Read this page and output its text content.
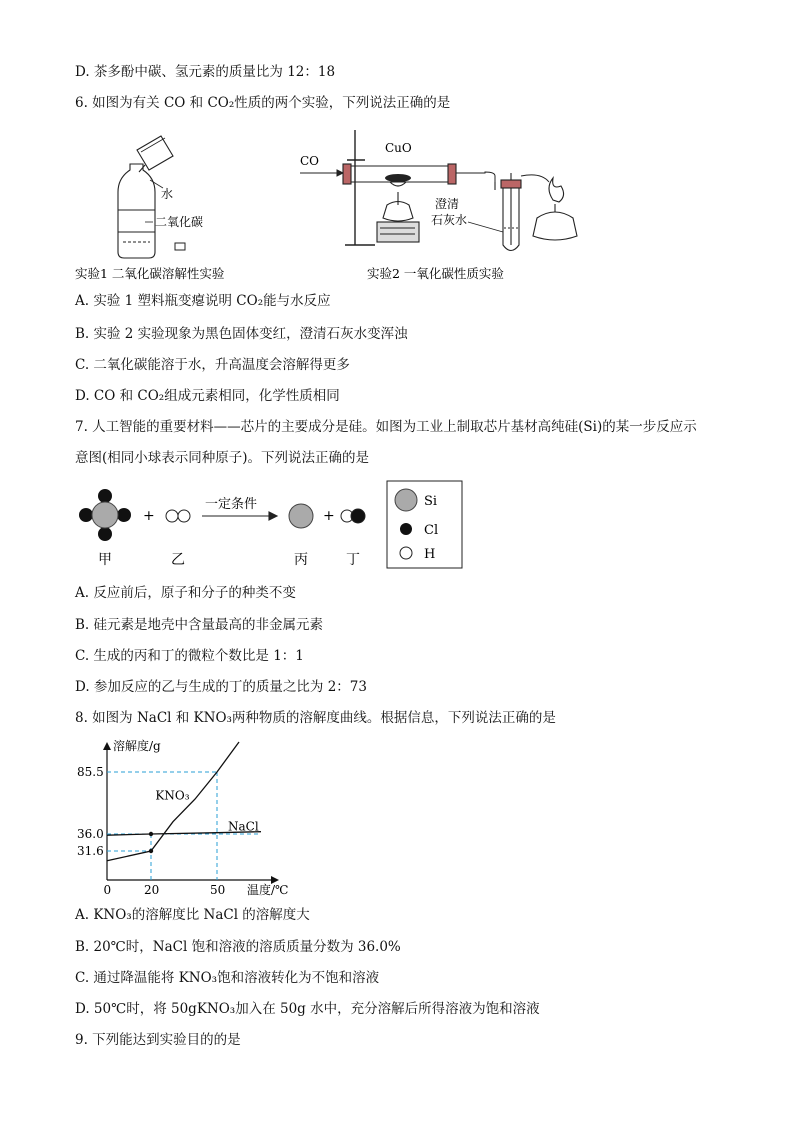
D. 茶多酚中碳、氢元素的质量比为 12：18
6. 如图为有关 CO 和 CO₂性质的两个实验，下列说法正确的是
水
二氧化碳
CO
CuO
澄清
石灰水
实验1 二氧化碳溶解性实验	实验2 一氧化碳性质实验
A. 实验 1 塑料瓶变瘪说明 CO₂能与水反应
B. 实验 2 实验现象为黑色固体变红，澄清石灰水变浑浊
C. 二氧化碳能溶于水，升高温度会溶解得更多
D. CO 和 CO₂组成元素相同，化学性质相同
7. 人工智能的重要材料——芯片的主要成分是硅。如图为工业上制取芯片基材高纯硅(Si)的某一步反应示
意图(相同小球表示同种原子)。下列说法正确的是
+
一定条件
+
甲	乙	丙	丁
Si
Cl
H
A. 反应前后，原子和分子的种类不变
B. 硅元素是地壳中含量最高的非金属元素
C. 生成的丙和丁的微粒个数比是 1：1
D. 参加反应的乙与生成的丁的质量之比为 2：73
8. 如图为 NaCl 和 KNO₃两种物质的溶解度曲线。根据信息，下列说法正确的是
溶解度/g
温度/℃
85.5
36.0
31.6
0	20	50
KNO₃
NaCl
A. KNO₃的溶解度比 NaCl 的溶解度大
B. 20℃时，NaCl 饱和溶液的溶质质量分数为 36.0%
C. 通过降温能将 KNO₃饱和溶液转化为不饱和溶液
D. 50℃时，将 50gKNO₃加入在 50g 水中，充分溶解后所得溶液为饱和溶液
9. 下列能达到实验目的的是
